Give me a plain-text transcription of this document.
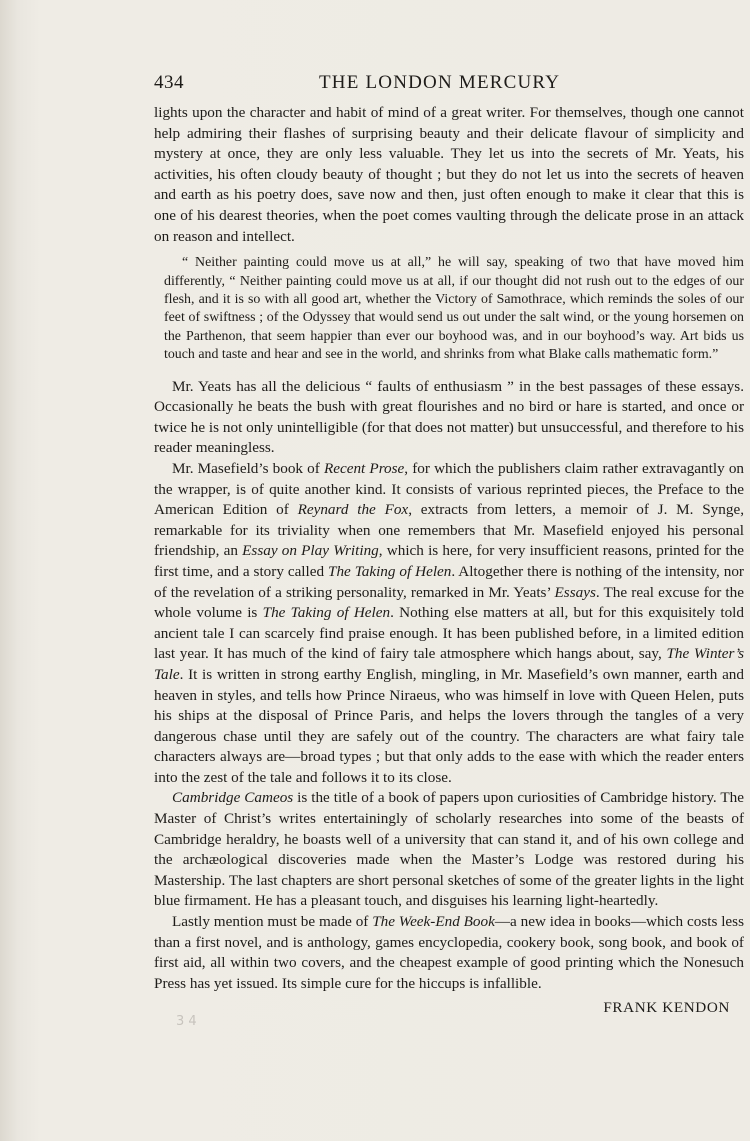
434	THE LONDON MERCURY

lights upon the character and habit of mind of a great writer. For themselves, though one cannot help admiring their flashes of surprising beauty and their delicate flavour of simplicity and mystery at once, they are only less valuable. They let us into the secrets of Mr. Yeats, his activities, his often cloudy beauty of thought ; but they do not let us into the secrets of heaven and earth as his poetry does, save now and then, just often enough to make it clear that this is one of his dearest theories, when the poet comes vaulting through the delicate prose in an attack on reason and intellect.

“ Neither painting could move us at all,” he will say, speaking of two that have moved him differently, “ Neither painting could move us at all, if our thought did not rush out to the edges of our flesh, and it is so with all good art, whether the Victory of Samothrace, which reminds the soles of our feet of swiftness ; of the Odyssey that would send us out under the salt wind, or the young horsemen on the Parthenon, that seem happier than ever our boyhood was, and in our boyhood’s way. Art bids us touch and taste and hear and see in the world, and shrinks from what Blake calls mathematic form.”

Mr. Yeats has all the delicious “ faults of enthusiasm ” in the best passages of these essays. Occasionally he beats the bush with great flourishes and no bird or hare is started, and once or twice he is not only unintelligible (for that does not matter) but unsuccessful, and therefore to his reader meaningless.

Mr. Masefield’s book of Recent Prose, for which the publishers claim rather extravagantly on the wrapper, is of quite another kind. It consists of various reprinted pieces, the Preface to the American Edition of Reynard the Fox, extracts from letters, a memoir of J. M. Synge, remarkable for its triviality when one remembers that Mr. Masefield enjoyed his personal friendship, an Essay on Play Writing, which is here, for very insufficient reasons, printed for the first time, and a story called The Taking of Helen. Altogether there is nothing of the intensity, nor of the revelation of a striking personality, remarked in Mr. Yeats’ Essays. The real excuse for the whole volume is The Taking of Helen. Nothing else matters at all, but for this exquisitely told ancient tale I can scarcely find praise enough. It has been published before, in a limited edition last year. It has much of the kind of fairy tale atmosphere which hangs about, say, The Winter’s Tale. It is written in strong earthy English, mingling, in Mr. Masefield’s own manner, earth and heaven in styles, and tells how Prince Niraeus, who was himself in love with Queen Helen, puts his ships at the disposal of Prince Paris, and helps the lovers through the tangles of a very dangerous chase until they are safely out of the country. The characters are what fairy tale characters always are—broad types ; but that only adds to the ease with which the reader enters into the zest of the tale and follows it to its close.

Cambridge Cameos is the title of a book of papers upon curiosities of Cambridge history. The Master of Christ’s writes entertainingly of scholarly researches into some of the beasts of Cambridge heraldry, he boasts well of a university that can stand it, and of his own college and the archæological discoveries made when the Master’s Lodge was restored during his Mastership. The last chapters are short personal sketches of some of the greater lights in the light blue firmament. He has a pleasant touch, and disguises his learning light-heartedly.

Lastly mention must be made of The Week-End Book—a new idea in books—which costs less than a first novel, and is anthology, games encyclopedia, cookery book, song book, and book of first aid, all within two covers, and the cheapest example of good printing which the Nonesuch Press has yet issued. Its simple cure for the hiccups is infallible.

FRANK KENDON

3 4
